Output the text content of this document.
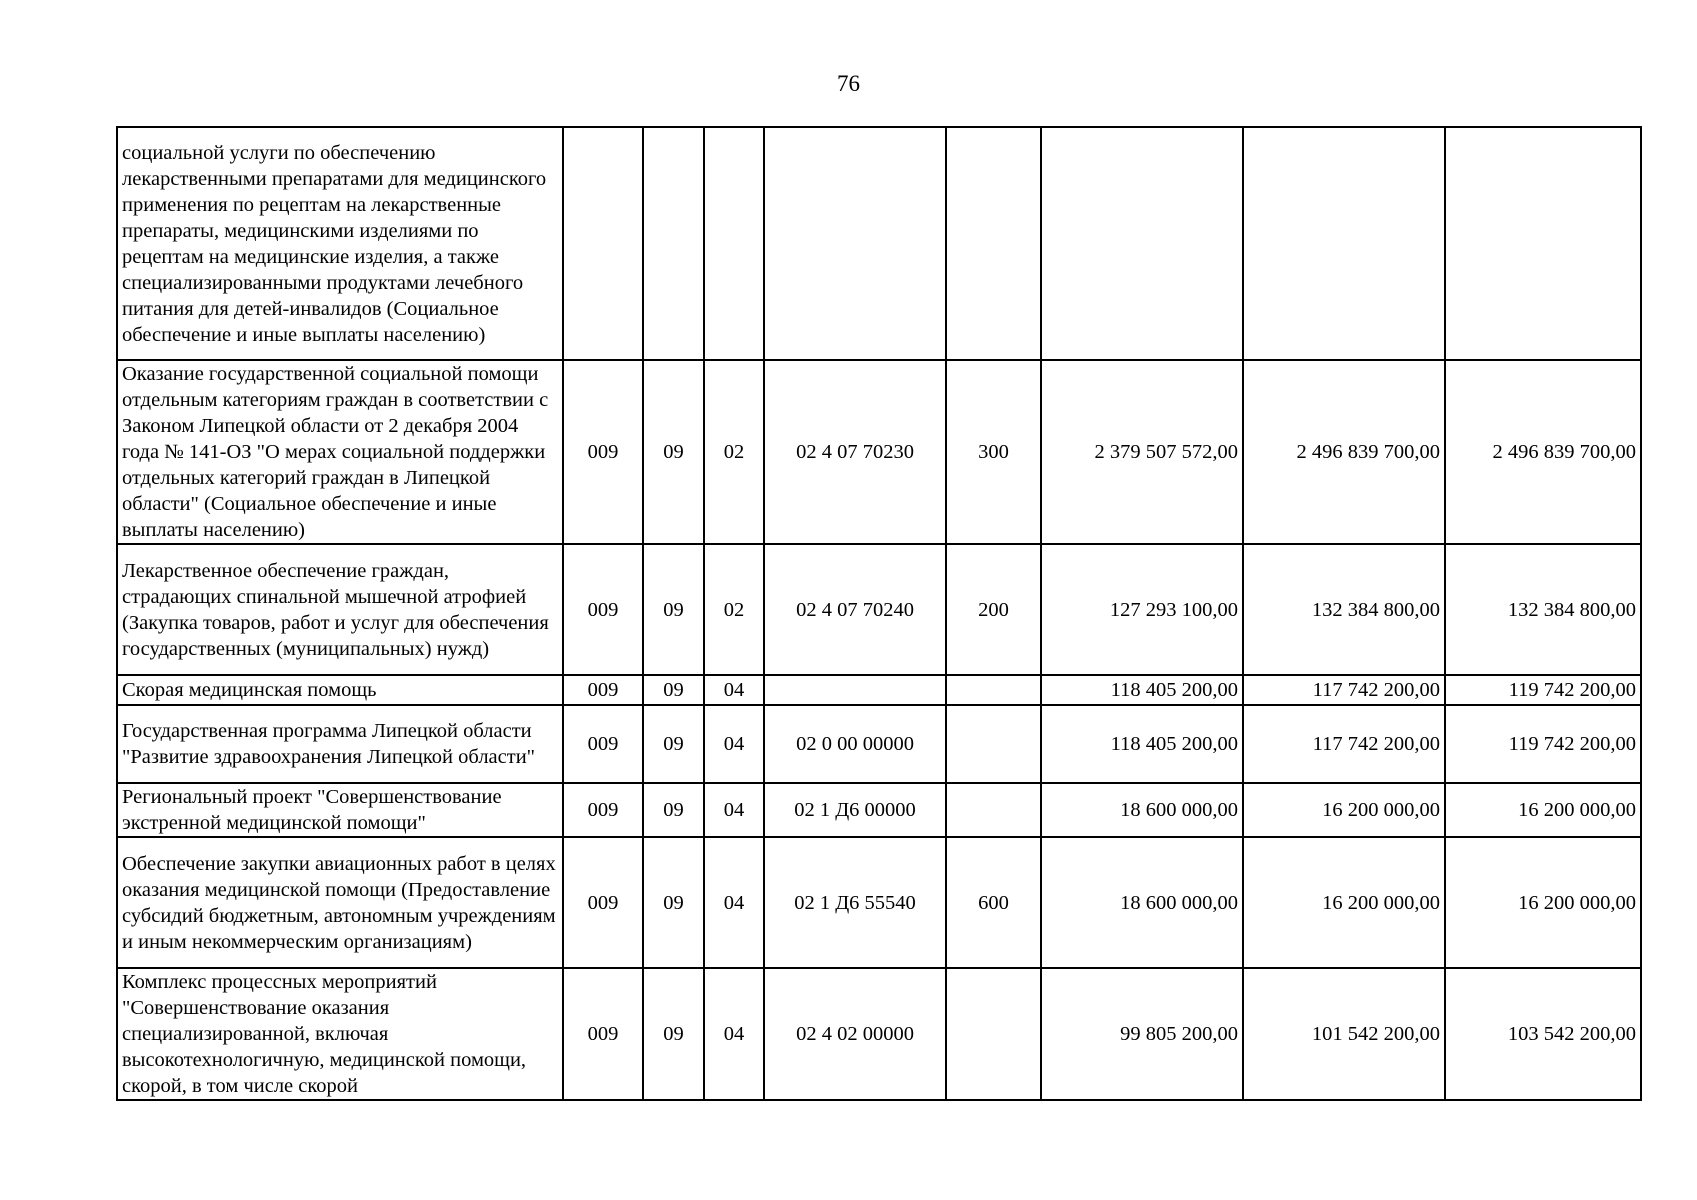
76
социальной услуги по обеспечению лекарственными препаратами для медицинского применения по рецептам на лекарственные препараты, медицинскими изделиями по рецептам на медицинские изделия, а также специализированными продуктами лечебного питания для детей-инвалидов (Социальное обеспечение и иные выплаты населению)								
Оказание государственной социальной помощи отдельным категориям граждан в соответствии с Законом Липецкой области от 2 декабря 2004 года № 141-ОЗ "О мерах социальной поддержки отдельных категорий граждан в Липецкой области" (Социальное обеспечение и иные выплаты населению)	009	09	02	02 4 07 70230	300	2 379 507 572,00	2 496 839 700,00	2 496 839 700,00
Лекарственное обеспечение граждан, страдающих спинальной мышечной атрофией (Закупка товаров, работ и услуг для обеспечения государственных (муниципальных) нужд)	009	09	02	02 4 07 70240	200	127 293 100,00	132 384 800,00	132 384 800,00
Скорая медицинская помощь	009	09	04			118 405 200,00	117 742 200,00	119 742 200,00
Государственная программа Липецкой области "Развитие здравоохранения Липецкой области"	009	09	04	02 0 00 00000		118 405 200,00	117 742 200,00	119 742 200,00
Региональный проект "Совершенствование экстренной медицинской помощи"	009	09	04	02 1 Д6 00000		18 600 000,00	16 200 000,00	16 200 000,00
Обеспечение закупки авиационных работ в целях оказания медицинской помощи (Предоставление субсидий бюджетным, автономным учреждениям и иным некоммерческим организациям)	009	09	04	02 1 Д6 55540	600	18 600 000,00	16 200 000,00	16 200 000,00
Комплекс процессных мероприятий "Совершенствование оказания специализированной, включая высокотехнологичную, медицинской помощи, скорой, в том числе скорой	009	09	04	02 4 02 00000		99 805 200,00	101 542 200,00	103 542 200,00
